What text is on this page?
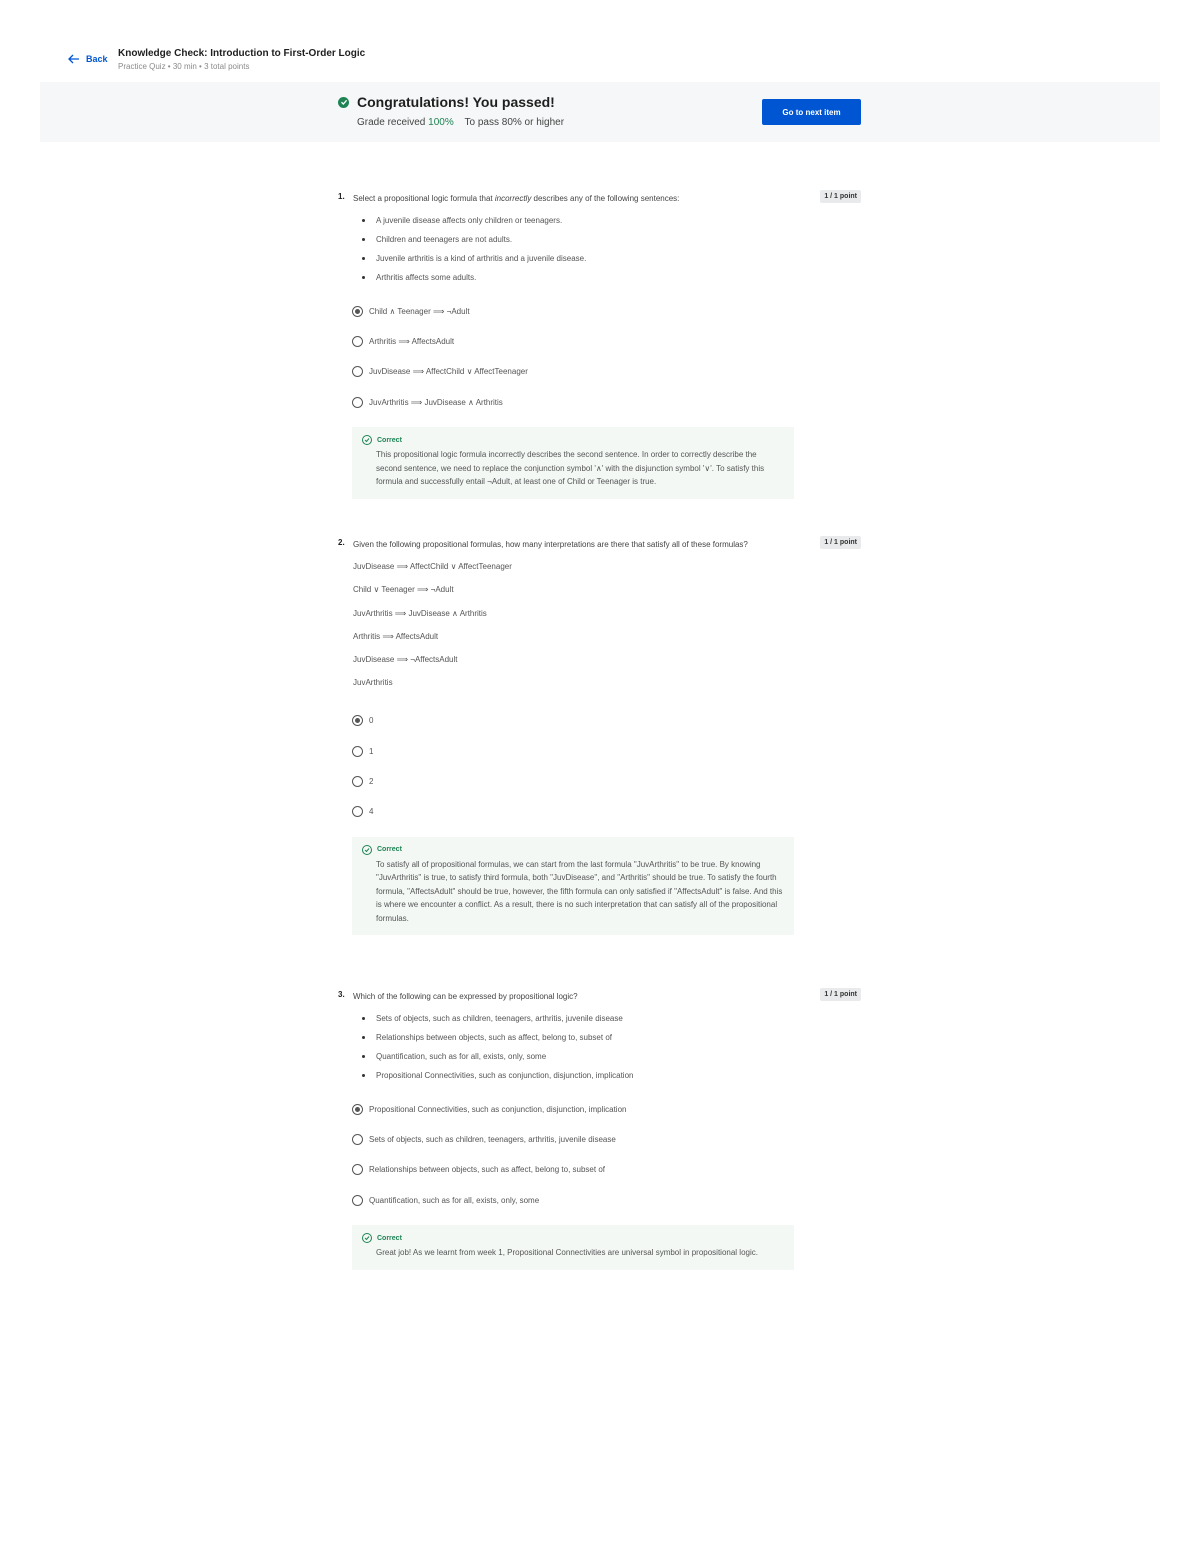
Back Knowledge Check: Introduction to First-Order Logic
Practice Quiz • 30 min • 3 total points
Congratulations! You passed!
Grade received 100% To pass 80% or higher
Go to next item
1.	Select a propositional logic formula that incorrectly describes any of the following sentences:	1 / 1 point
A juvenile disease affects only children or teenagers.
Children and teenagers are not adults.
Juvenile arthritis is a kind of arthritis and a juvenile disease.
Arthritis affects some adults.
Child ∧ Teenager ⟹ ¬Adult
Arthritis ⟹ AffectsAdult
JuvDisease ⟹ AffectChild ∨ AffectTeenager
JuvArthritis ⟹ JuvDisease ∧ Arthritis
Correct
This propositional logic formula incorrectly describes the second sentence. In order to correctly describe the second sentence, we need to replace the conjunction symbol '∧' with the disjunction symbol '∨'. To satisfy this formula and successfully entail ¬Adult, at least one of Child or Teenager is true.
2.	Given the following propositional formulas, how many interpretations are there that satisfy all of these formulas?	1 / 1 point
JuvDisease ⟹ AffectChild ∨ AffectTeenager
Child ∨ Teenager ⟹ ¬Adult
JuvArthritis ⟹ JuvDisease ∧ Arthritis
Arthritis ⟹ AffectsAdult
JuvDisease ⟹ ¬AffectsAdult
JuvArthritis
0
1
2
4
Correct
To satisfy all of propositional formulas, we can start from the last formula "JuvArthritis" to be true. By knowing "JuvArthritis" is true, to satisfy third formula, both "JuvDisease", and "Arthritis" should be true. To satisfy the fourth formula, "AffectsAdult" should be true, however, the fifth formula can only satisfied if "AffectsAdult" is false. And this is where we encounter a conflict. As a result, there is no such interpretation that can satisfy all of the propositional formulas.
3.	Which of the following can be expressed by propositional logic?	1 / 1 point
Sets of objects, such as children, teenagers, arthritis, juvenile disease
Relationships between objects, such as affect, belong to, subset of
Quantification, such as for all, exists, only, some
Propositional Connectivities, such as conjunction, disjunction, implication
Propositional Connectivities, such as conjunction, disjunction, implication
Sets of objects, such as children, teenagers, arthritis, juvenile disease
Relationships between objects, such as affect, belong to, subset of
Quantification, such as for all, exists, only, some
Correct
Great job! As we learnt from week 1, Propositional Connectivities are universal symbol in propositional logic.
